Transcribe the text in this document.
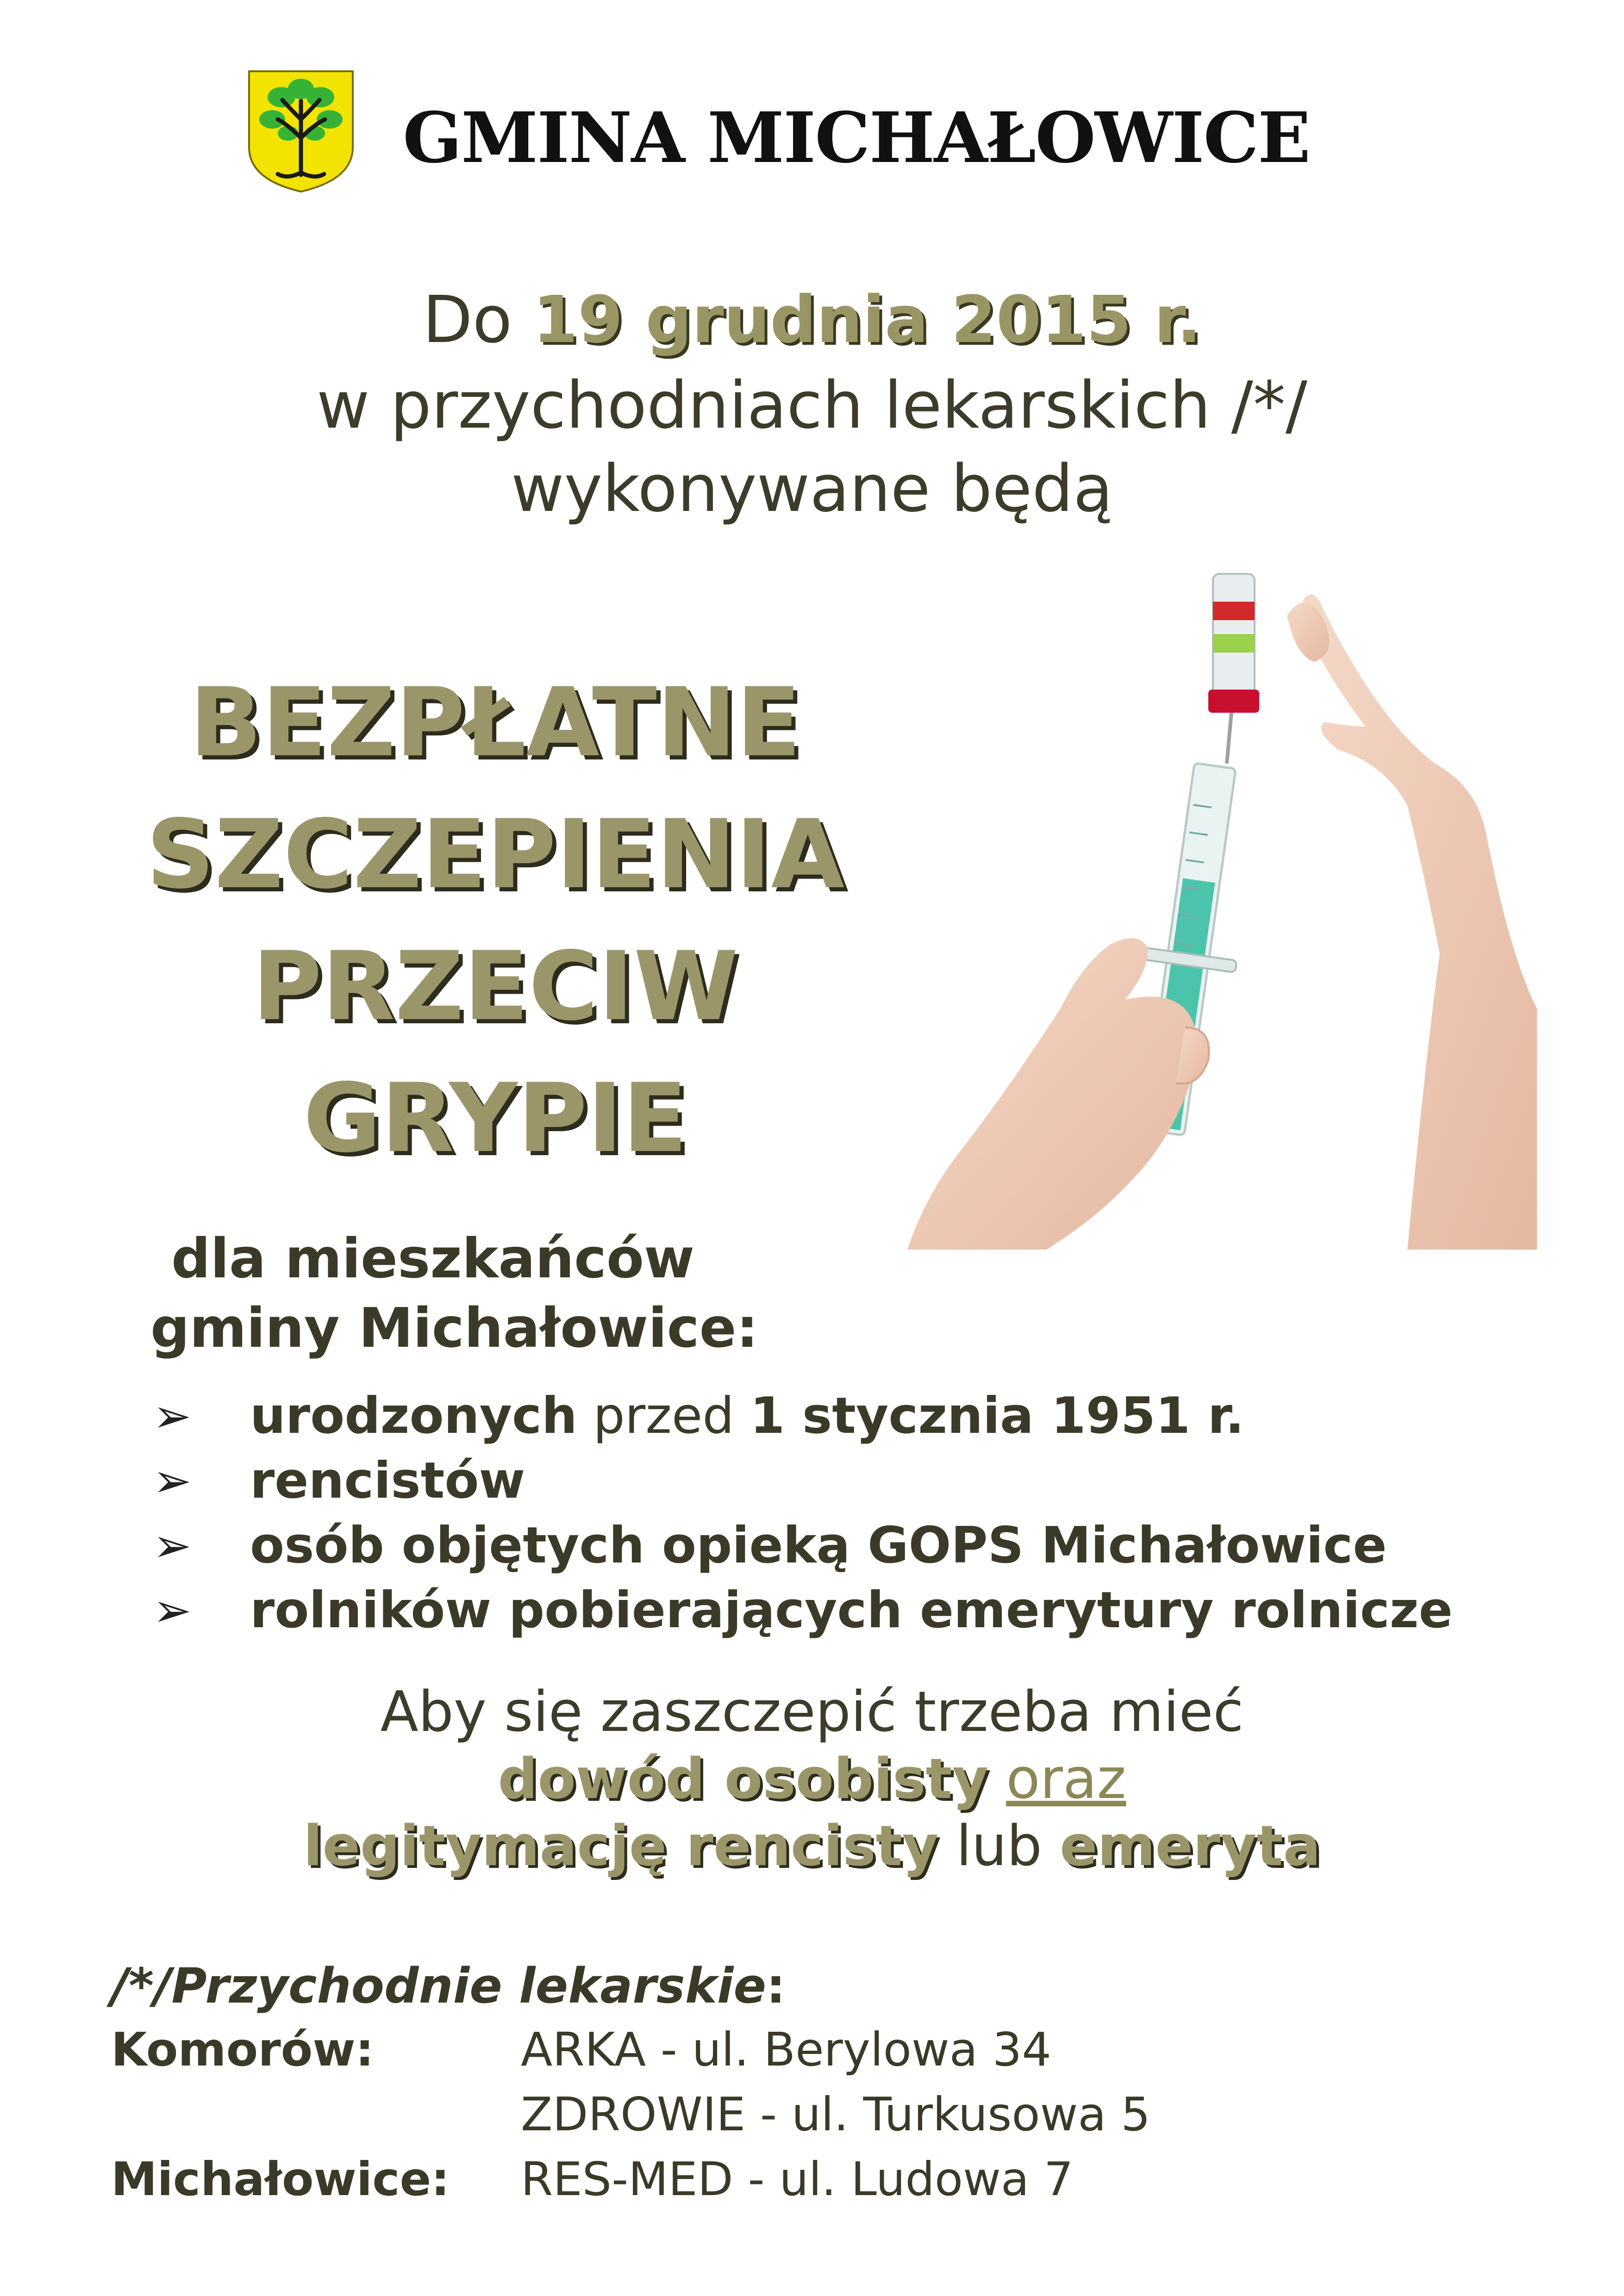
GMINA MICHAŁOWICE
Do 19 grudnia 2015 r.
w przychodniach lekarskich /*/
wykonywane będą
BEZPŁATNE
SZCZEPIENIA
PRZECIW
GRYPIE
dla mieszkańców
gminy Michałowice:
➢ urodzonych przed 1 stycznia 1951 r.
➢ rencistów
➢ osób objętych opieką GOPS Michałowice
➢ rolników pobierających emerytury rolnicze
Aby się zaszczepić trzeba mieć
dowód osobisty oraz
legitymację rencisty lub emeryta
/*/Przychodnie lekarskie:
Komorów:	ARKA - ul. Berylowa 34
ZDROWIE - ul. Turkusowa 5
Michałowice: RES-MED - ul. Ludowa 7
